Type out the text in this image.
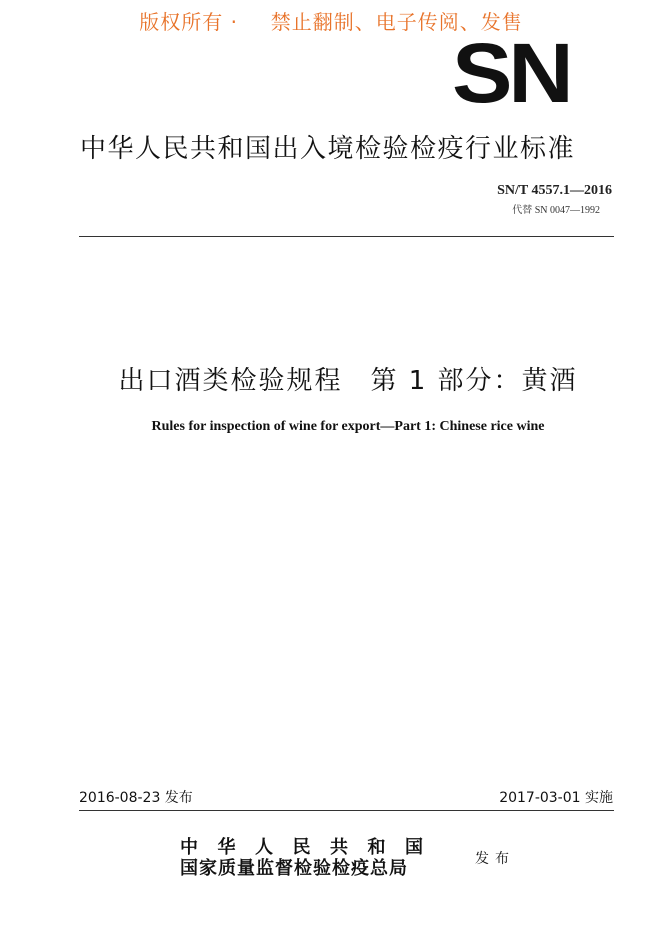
版权所有 · 禁止翻制、电子传阅、发售
SN
中华人民共和国出入境检验检疫行业标准
SN/T 4557.1—2016
代替 SN 0047—1992
出口酒类检验规程　第 1 部分：黄酒
Rules for inspection of wine for export—Part 1: Chinese rice wine
2016-08-23 发布	2017-03-01 实施
中华人民共和国
国家质量监督检验检疫总局	发布
